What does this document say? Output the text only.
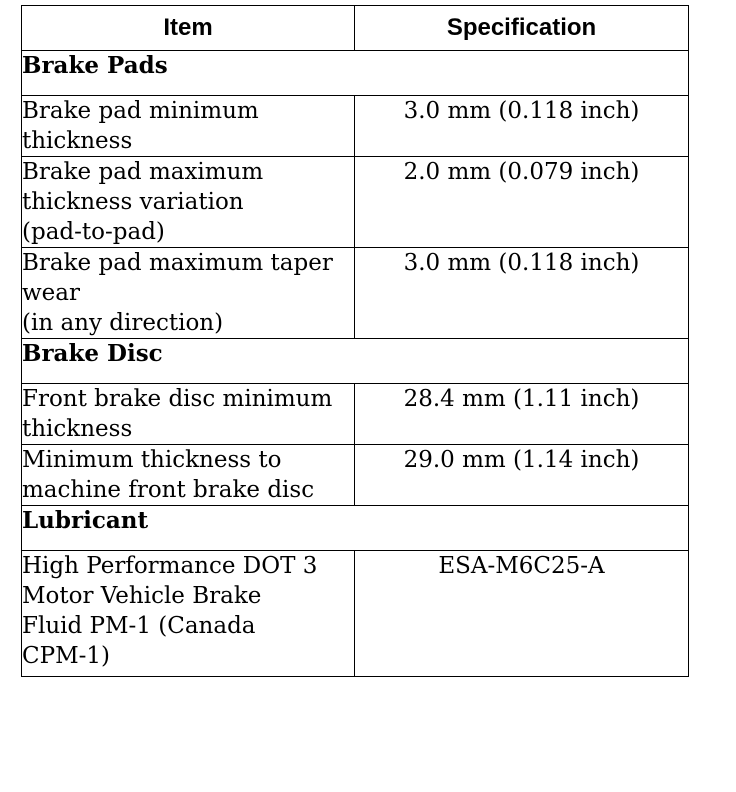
Item	Specification
Brake Pads	
Brake pad minimum
thickness	3.0 mm (0.118 inch)
Brake pad maximum
thickness variation
(pad-to-pad)	2.0 mm (0.079 inch)
Brake pad maximum taper
wear
(in any direction)	3.0 mm (0.118 inch)
Brake Disc	
Front brake disc minimum
thickness	28.4 mm (1.11 inch)
Minimum thickness to
machine front brake disc	29.0 mm (1.14 inch)
Lubricant	
High Performance DOT 3
Motor Vehicle Brake
Fluid PM-1 (Canada
CPM-1)	ESA-M6C25-A
